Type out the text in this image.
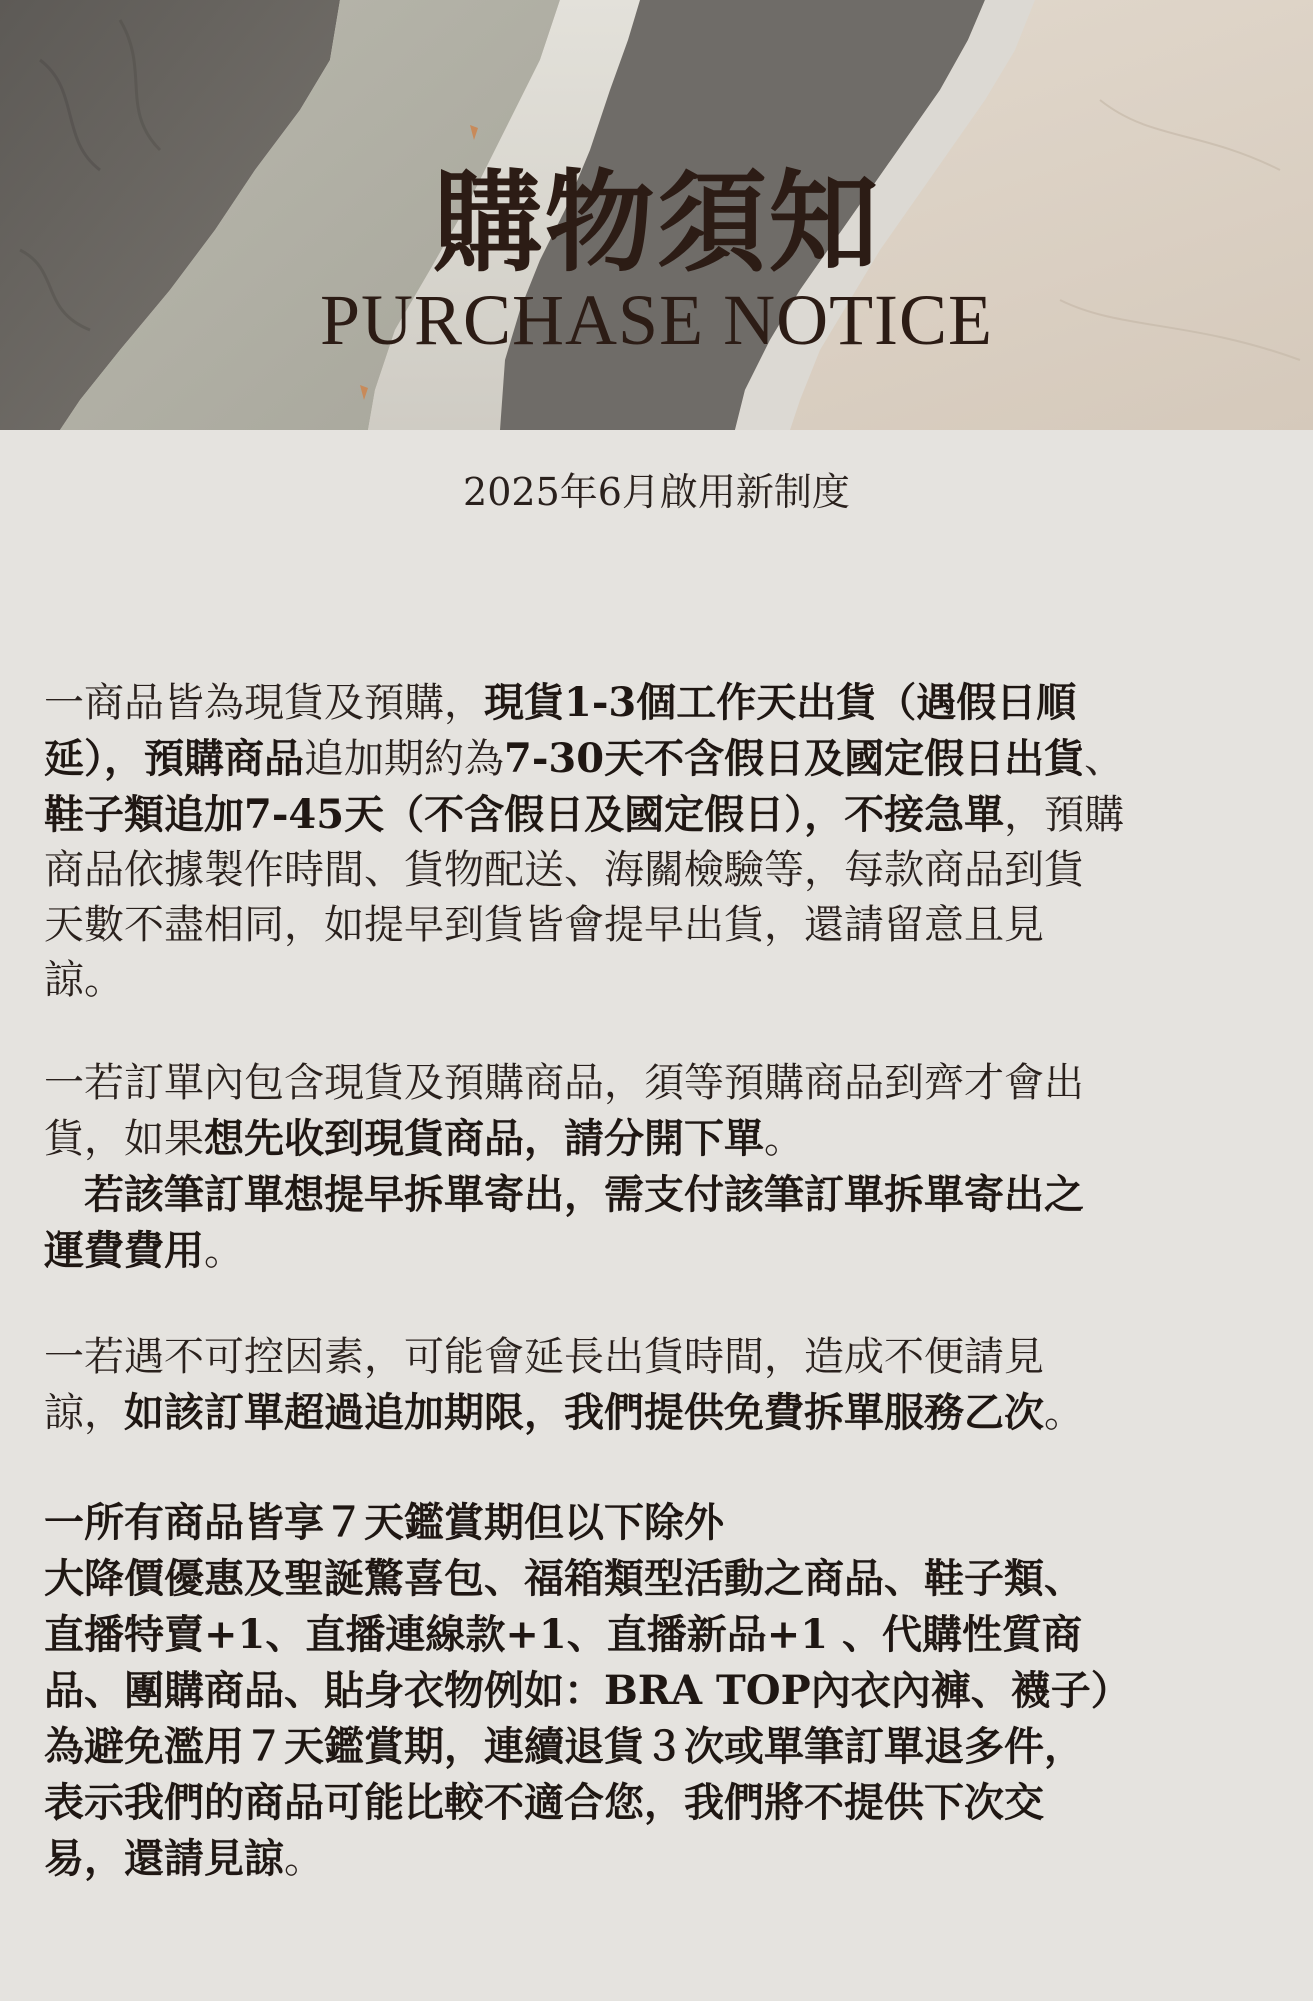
購物須知
PURCHASE NOTICE
2025年6月啟用新制度

一商品皆為現貨及預購，現貨1-3個工作天出貨（遇假日順

延），預購商品追加期約為7-30天不含假日及國定假日出貨、

鞋子類追加7-45天（不含假日及國定假日），不接急單，預購

商品依據製作時間、貨物配送、海關檢驗等，每款商品到貨

天數不盡相同，如提早到貨皆會提早出貨，還請留意且見

諒。

一若訂單內包含現貨及預購商品，須等預購商品到齊才會出

貨，如果想先收到現貨商品，請分開下單。

　若該筆訂單想提早拆單寄出，需支付該筆訂單拆單寄出之

運費費用。

一若遇不可控因素，可能會延長出貨時間，造成不便請見

諒，如該訂單超過追加期限，我們提供免費拆單服務乙次。

一所有商品皆享７天鑑賞期但以下除外

大降價優惠及聖誕驚喜包、福箱類型活動之商品、鞋子類、

直播特賣+1、直播連線款+1、直播新品+1 、代購性質商

品、團購商品、貼身衣物例如：BRA TOP內衣內褲、襪子）

為避免濫用７天鑑賞期，連續退貨３次或單筆訂單退多件，

表示我們的商品可能比較不適合您，我們將不提供下次交

易，還請見諒。
